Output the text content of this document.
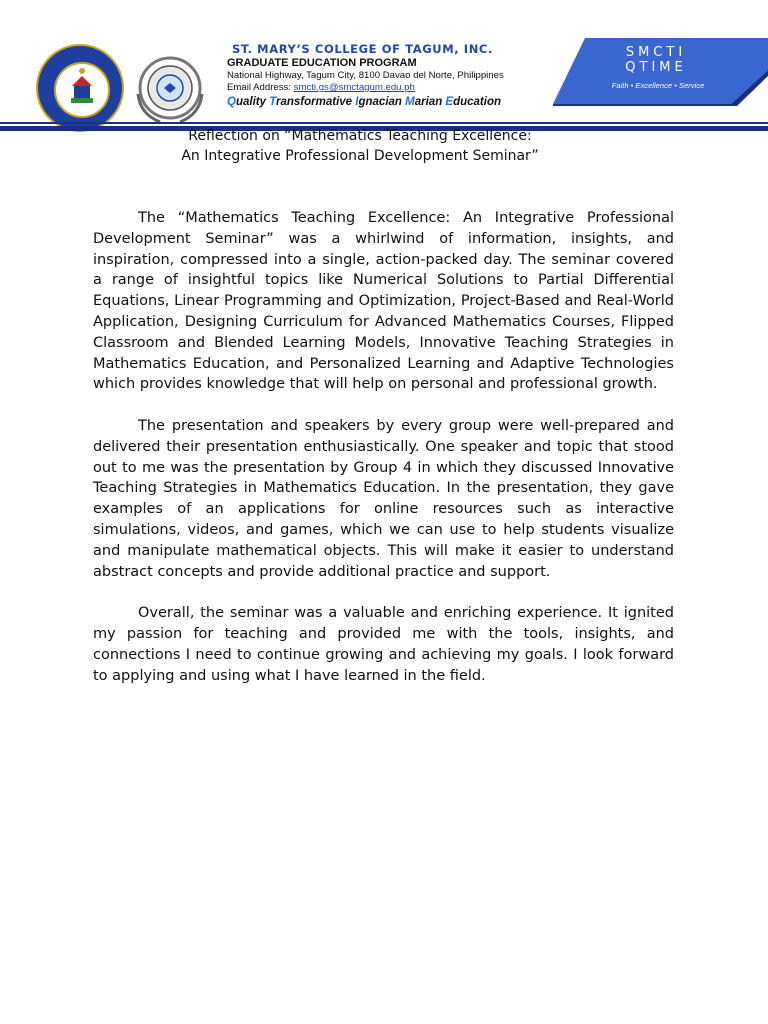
ST. MARY’S COLLEGE OF TAGUM, INC.
GRADUATE EDUCATION PROGRAM
National Highway, Tagum City, 8100 Davao del Norte, Philippines
Email Address: smcti.gs@smctagum.edu.ph
Quality Transformative Ignacian Marian Education
SMCTI
QTIME
Faith • Excellence • Service
Reflection on “Mathematics Teaching Excellence:
An Integrative Professional Development Seminar”

The “Mathematics Teaching Excellence: An Integrative Professional Development Seminar” was a whirlwind of information, insights, and inspiration, compressed into a single, action-packed day. The seminar covered a range of insightful topics like Numerical Solutions to Partial Differential Equations, Linear Programming and Optimization, Project-Based and Real-World Application, Designing Curriculum for Advanced Mathematics Courses, Flipped Classroom and Blended Learning Models, Innovative Teaching Strategies in Mathematics Education, and Personalized Learning and Adaptive Technologies which provides knowledge that will help on personal and professional growth.

The presentation and speakers by every group were well-prepared and delivered their presentation enthusiastically. One speaker and topic that stood out to me was the presentation by Group 4 in which they discussed Innovative Teaching Strategies in Mathematics Education. In the presentation, they gave examples of an applications for online resources such as interactive simulations, videos, and games, which we can use to help students visualize and manipulate mathematical objects. This will make it easier to understand abstract concepts and provide additional practice and support.

Overall, the seminar was a valuable and enriching experience. It ignited my passion for teaching and provided me with the tools, insights, and connections I need to continue growing and achieving my goals. I look forward to applying and using what I have learned in the field.
